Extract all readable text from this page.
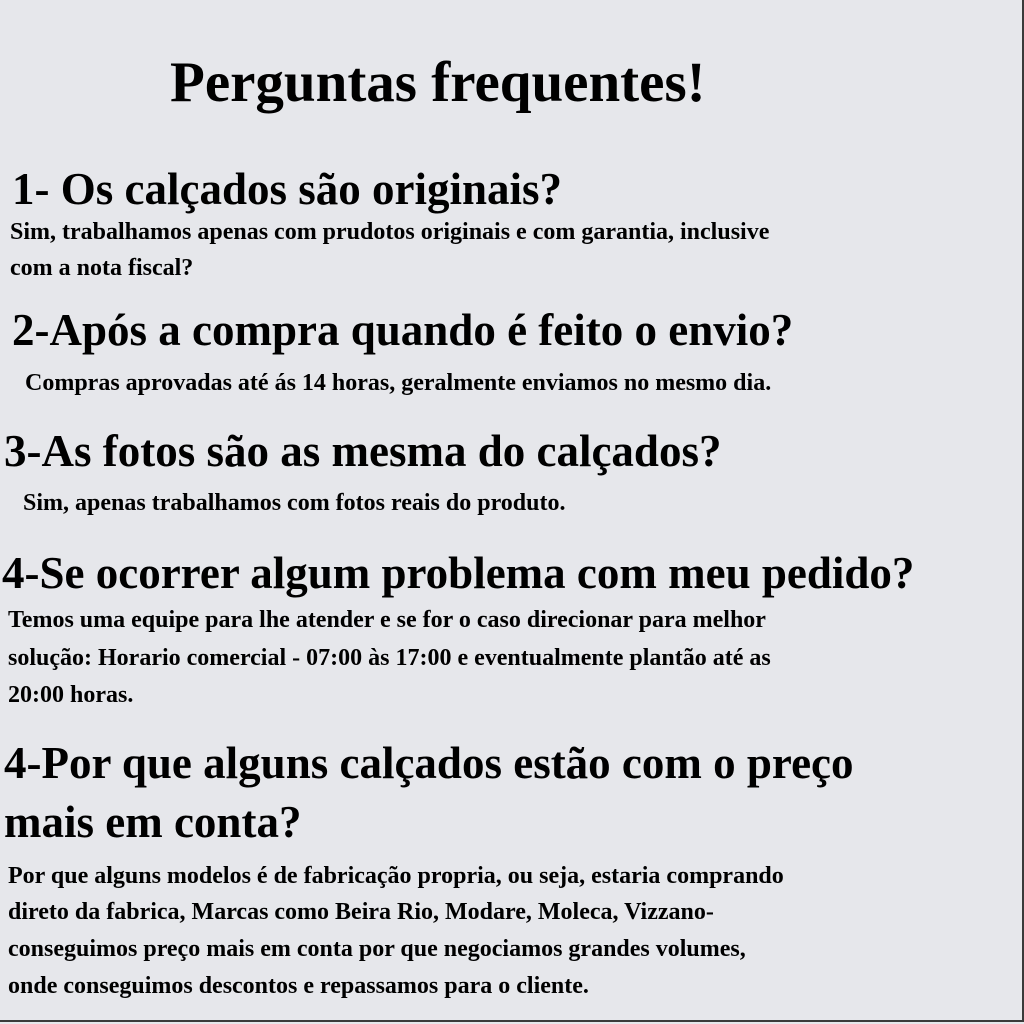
Perguntas frequentes!
1- Os calçados são originais?
Sim, trabalhamos apenas com prudotos originais e com garantia, inclusive
com a nota fiscal?
2-Após a compra quando é feito o envio?
Compras aprovadas até ás 14 horas, geralmente enviamos no mesmo dia.
3-As fotos são as mesma do calçados?
Sim, apenas trabalhamos com fotos reais do produto.
4-Se ocorrer algum problema com meu pedido?
Temos uma equipe para lhe atender e se for o caso direcionar para melhor
solução: Horario comercial - 07:00 às 17:00 e eventualmente plantão até as
20:00 horas.
4-Por que alguns calçados estão com o preço
mais em conta?
Por que alguns modelos é de fabricação propria, ou seja, estaria comprando
direto da fabrica, Marcas como Beira Rio, Modare, Moleca, Vizzano-
conseguimos preço mais em conta por que negociamos grandes volumes,
onde conseguimos descontos e repassamos para o cliente.
